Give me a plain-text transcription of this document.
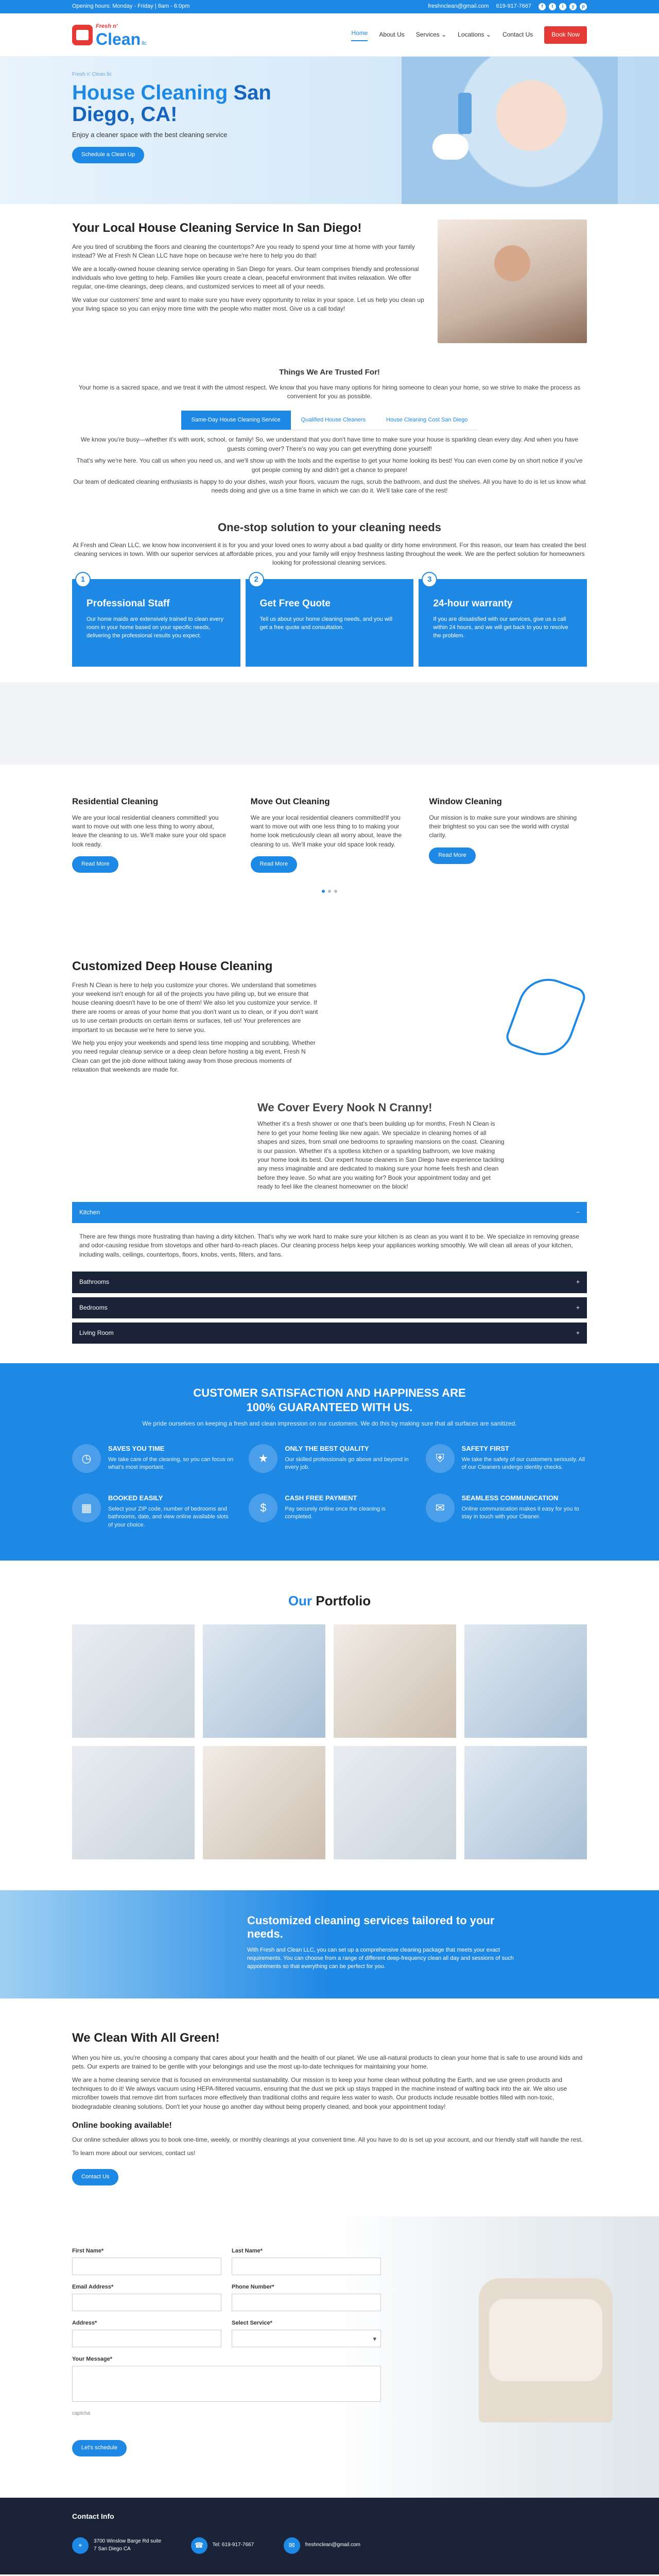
Opening hours: Monday - Friday | 8am - 6:0pm	freshnclean@gmail.com 619-917-7667	f	t	i	y	p
Fresh n'
Clean llc
Home About Us Services ⌄ Locations ⌄ Contact Us	Book Now
Fresh n' Clean llc
House Cleaning San Diego, CA!

Enjoy a cleaner space with the best cleaning service

Schedule a Clean Up
Your Local House Cleaning Service In San Diego!

Are you tired of scrubbing the floors and cleaning the countertops? Are you ready to spend your time at home with your family instead? We at Fresh N Clean LLC have hope on because we're here to help you do that!

We are a locally-owned house cleaning service operating in San Diego for years. Our team comprises friendly and professional individuals who love getting to help. Families like yours create a clean, peaceful environment that invites relaxation. We offer regular, one-time cleanings, deep cleans, and customized services to meet all of your needs.

We value our customers' time and want to make sure you have every opportunity to relax in your space. Let us help you clean up your living space so you can enjoy more time with the people who matter most. Give us a call today!

Things We Are Trusted For!

Your home is a sacred space, and we treat it with the utmost respect. We know that you have many options for hiring someone to clean your home, so we strive to make the process as convenient for you as possible.

Same-Day House Cleaning Service	Qualified House Cleaners	House Cleaning Cost San Diego

We know you're busy—whether it's with work, school, or family! So, we understand that you don't have time to make sure your house is sparkling clean every day. And when you have guests coming over? There's no way you can get everything done yourself!

That's why we're here. You call us when you need us, and we'll show up with the tools and the expertise to get your home looking its best! You can even come by on short notice if you've got people coming by and didn't get a chance to prepare!

Our team of dedicated cleaning enthusiasts is happy to do your dishes, wash your floors, vacuum the rugs, scrub the bathroom, and dust the shelves. All you have to do is let us know what needs doing and give us a time frame in which we can do it. We'll take care of the rest!

One-stop solution to your cleaning needs

At Fresh and Clean LLC, we know how inconvenient it is for you and your loved ones to worry about a bad quality or dirty home environment. For this reason, our team has created the best cleaning services in town. With our superior services at affordable prices, you and your family will enjoy freshness lasting throughout the week. We are the perfect solution for homeowners looking for professional cleaning services.

1
Professional Staff

Our home maids are extensively trained to clean every room in your home based on your specific needs, delivering the professional results you expect.

2
Get Free Quote

Tell us about your home cleaning needs, and you will get a free quote and consultation.

3
24-hour warranty

If you are dissatisfied with our services, give us a call within 24 hours, and we will get back to you to resolve the problem.

Residential Cleaning

We are your local residential cleaners committed! you want to move out with one less thing to worry about, leave the cleaning to us. We'll make sure your old space look ready.

Read More
Move Out Cleaning

We are your local residential cleaners committed!If you want to move out with one less thing to to making your home look meticulously clean all worry about, leave the cleaning to us. We'll make your old space look ready.

Read More
Window Cleaning

Our mission is to make sure your windows are shining their brightest so you can see the world with crystal clarity.

Read More
Customized Deep House Cleaning

Fresh N Clean is here to help you customize your chores. We understand that sometimes your weekend isn't enough for all of the projects you have piling up, but we ensure that house cleaning doesn't have to be one of them! We also let you customize your service. If there are rooms or areas of your home that you don't want us to clean, or if you don't want us to use certain products on certain items or surfaces, tell us! Your preferences are important to us because we're here to serve you.

We help you enjoy your weekends and spend less time mopping and scrubbing. Whether you need regular cleanup service or a deep clean before hosting a big event, Fresh N Clean can get the job done without taking away from those precious moments of relaxation that weekends are made for.

We Cover Every Nook N Cranny!

Whether it's a fresh shower or one that's been building up for months, Fresh N Clean is here to get your home feeling like new again. We specialize in cleaning homes of all shapes and sizes, from small one bedrooms to sprawling mansions on the coast. Cleaning is our passion. Whether it's a spotless kitchen or a sparkling bathroom, we love making your home look its best. Our expert house cleaners in San Diego have experience tackling any mess imaginable and are dedicated to making sure your home feels fresh and clean before they leave. So what are you waiting for? Book your appointment today and get ready to feel like the cleanest homeowner on the block!

Kitchen	−
There are few things more frustrating than having a dirty kitchen. That's why we work hard to make sure your kitchen is as clean as you want it to be. We specialize in removing grease and odor-causing residue from stovetops and other hard-to-reach places. Our cleaning process helps keep your appliances working smoothly. We will clean all areas of your kitchen, including walls, ceilings, countertops, floors, knobs, vents, filters, and fans.
Bathrooms	+
Bedrooms	+
Living Room	+
CUSTOMER SATISFACTION AND HAPPINESS ARE 100% GUARANTEED WITH US.

We pride ourselves on keeping a fresh and clean impression on our customers. We do this by making sure that all surfaces are sanitized.

◷
SAVES YOU TIME

We take care of the cleaning, so you can focus on what's most important.

★
ONLY THE BEST QUALITY

Our skilled professionals go above and beyond in every job.

⛨
SAFETY FIRST

We take the safety of our customers seriously. All of our Cleaners undergo identity checks.

▦
BOOKED EASILY

Select your ZIP code, number of bedrooms and bathrooms, date, and view online available slots of your choice.

$
CASH FREE PAYMENT

Pay securely online once the cleaning is completed.

✉
SEAMLESS COMMUNICATION

Online communication makes it easy for you to stay in touch with your Cleaner.

Our Portfolio
Customized cleaning services tailored to your needs.

With Fresh and Clean LLC, you can set up a comprehensive cleaning package that meets your exact requirements. You can choose from a range of different deep-frequency clean all day and sessions of such appointments so that everything can be perfect for you.

We Clean With All Green!

When you hire us, you're choosing a company that cares about your health and the health of our planet. We use all-natural products to clean your home that is safe to use around kids and pets. Our experts are trained to be gentle with your belongings and use the most up-to-date techniques for maintaining your home.

We are a home cleaning service that is focused on environmental sustainability. Our mission is to keep your home clean without polluting the Earth, and we use green products and techniques to do it! We always vacuum using HEPA-filtered vacuums, ensuring that the dust we pick up stays trapped in the machine instead of wafting back into the air. We also use microfiber towels that remove dirt from surfaces more effectively than traditional cloths and require less water to wash. Our products include reusable bottles filled with non-toxic, biodegradable cleaning solutions. Don't let your house go another day without being properly cleaned, and book your appointment today!

Online booking available!

Our online scheduler allows you to book one-time, weekly, or monthly cleanings at your convenient time. All you have to do is set up your account, and our friendly staff will handle the rest.

To learn more about our services, contact us!

Contact Us
First Name*	Last Name*
Email Address*	Phone Number*
Address*	Select Service*
▾
Your Message*
captcha
Let's schedule
Contact Info
⌖	3700 Winslow Barge Rd suite
7 San Diego CA	☎	Tel: 619-917-7667	✉	freshnclean@gmail.com
